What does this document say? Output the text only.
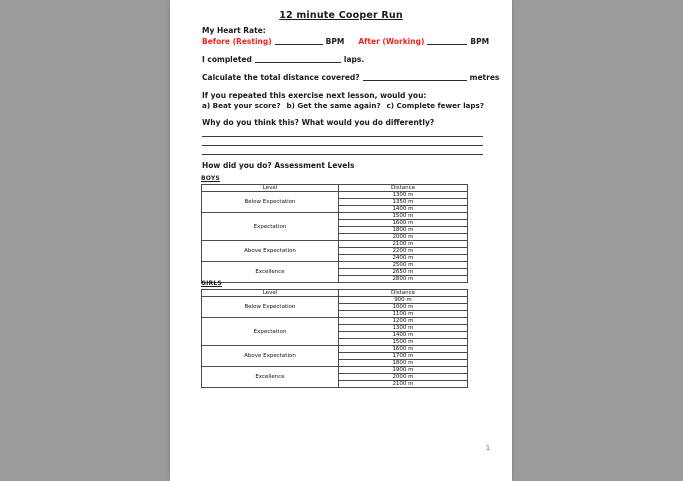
12 minute Cooper Run
My Heart Rate:
Before (Resting)	BPM After (Working)	BPM
I completed	laps.
Calculate the total distance covered?	metres
If you repeated this exercise next lesson, would you:
a) Beat your score? b) Get the same again? c) Complete fewer laps?
Why do you think this? What would you do differently?
How did you do? Assessment Levels
BOYS
Level	Distance
Below Expectation	1300 m
	1350 m
	1400 m
Expectation	1500 m
	1600 m
	1800 m
	2000 m
Above Expectation	2100 m
	2200 m
	2400 m
Excellence	2500 m
	2650 m
	2800 m
GIRLS
Level	Distance
Below Expectation	900 m
	1000 m
	1100 m
Expectation	1200 m
	1300 m
	1400 m
	1500 m
Above Expectation	1600 m
	1700 m
	1800 m
Excellence	1900 m
	2000 m
	2100 m
1
